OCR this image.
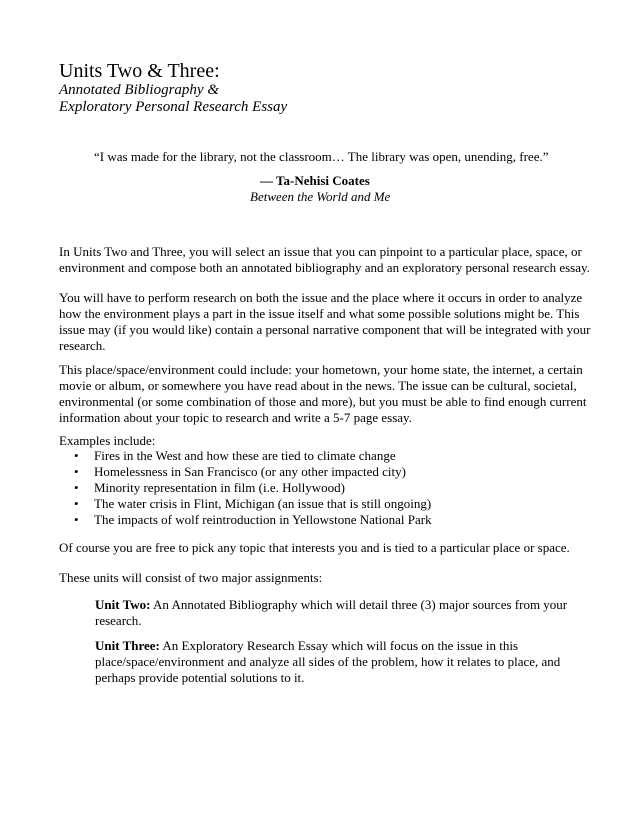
Units Two & Three:
Annotated Bibliography &
Exploratory Personal Research Essay
“I was made for the library, not the classroom… The library was open, unending, free.”
— Ta-Nehisi Coates
Between the World and Me
In Units Two and Three, you will select an issue that you can pinpoint to a particular place, space, or
environment and compose both an annotated bibliography and an exploratory personal research essay.
You will have to perform research on both the issue and the place where it occurs in order to analyze
how the environment plays a part in the issue itself and what some possible solutions might be. This
issue may (if you would like) contain a personal narrative component that will be integrated with your
research.
This place/space/environment could include: your hometown, your home state, the internet, a certain
movie or album, or somewhere you have read about in the news. The issue can be cultural, societal,
environmental (or some combination of those and more), but you must be able to find enough current
information about your topic to research and write a 5-7 page essay.
Examples include:
• Fires in the West and how these are tied to climate change
• Homelessness in San Francisco (or any other impacted city)
• Minority representation in film (i.e. Hollywood)
• The water crisis in Flint, Michigan (an issue that is still ongoing)
• The impacts of wolf reintroduction in Yellowstone National Park
Of course you are free to pick any topic that interests you and is tied to a particular place or space.
These units will consist of two major assignments:
Unit Two: An Annotated Bibliography which will detail three (3) major sources from your
research.
Unit Three: An Exploratory Research Essay which will focus on the issue in this
place/space/environment and analyze all sides of the problem, how it relates to place, and
perhaps provide potential solutions to it.
